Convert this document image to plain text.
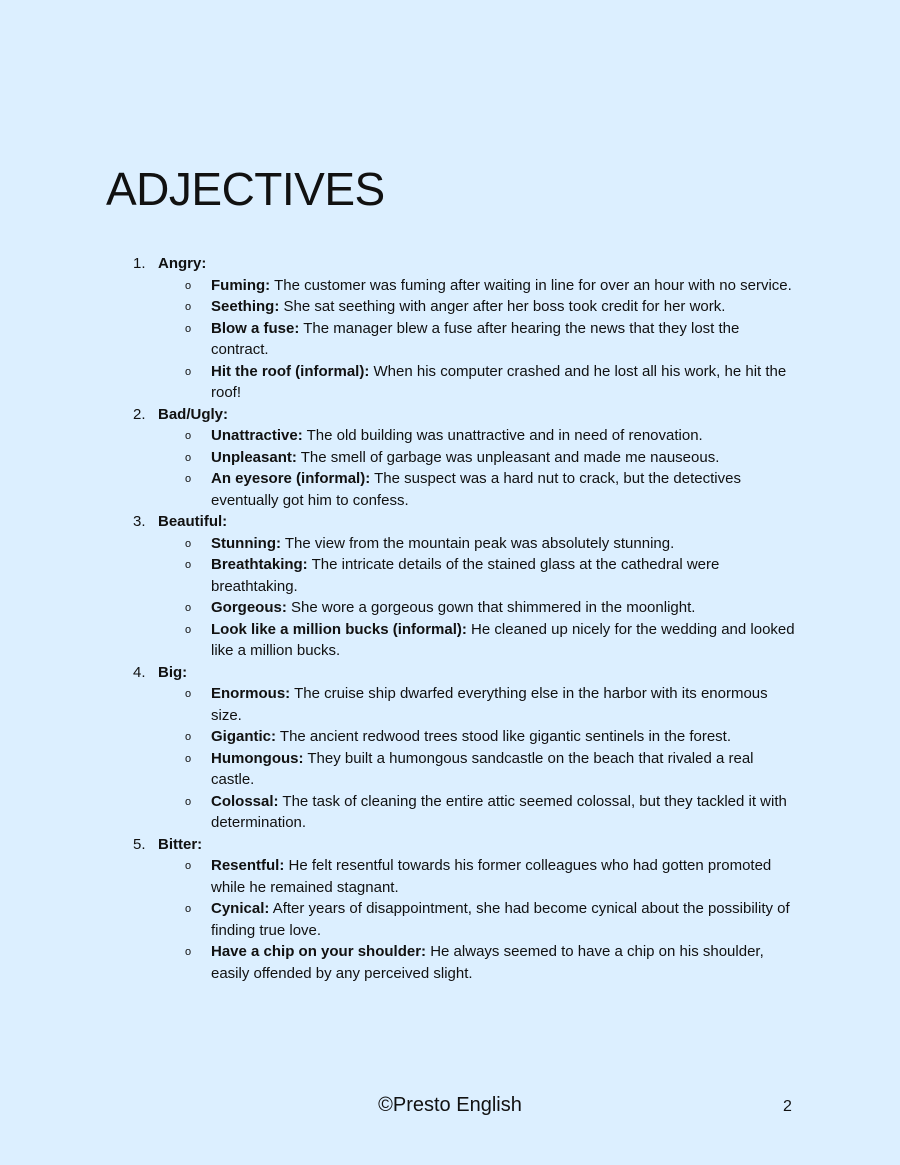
ADJECTIVES
1. Angry:
o Fuming: The customer was fuming after waiting in line for over an hour with no service.
o Seething: She sat seething with anger after her boss took credit for her work.
o Blow a fuse: The manager blew a fuse after hearing the news that they lost the contract.
o Hit the roof (informal): When his computer crashed and he lost all his work, he hit the roof!
2. Bad/Ugly:
o Unattractive: The old building was unattractive and in need of renovation.
o Unpleasant: The smell of garbage was unpleasant and made me nauseous.
o An eyesore (informal): The suspect was a hard nut to crack, but the detectives eventually got him to confess.
3. Beautiful:
o Stunning: The view from the mountain peak was absolutely stunning.
o Breathtaking: The intricate details of the stained glass at the cathedral were breathtaking.
o Gorgeous: She wore a gorgeous gown that shimmered in the moonlight.
o Look like a million bucks (informal): He cleaned up nicely for the wedding and looked like a million bucks.
4. Big:
o Enormous: The cruise ship dwarfed everything else in the harbor with its enormous size.
o Gigantic: The ancient redwood trees stood like gigantic sentinels in the forest.
o Humongous: They built a humongous sandcastle on the beach that rivaled a real castle.
o Colossal: The task of cleaning the entire attic seemed colossal, but they tackled it with determination.
5. Bitter:
o Resentful: He felt resentful towards his former colleagues who had gotten promoted while he remained stagnant.
o Cynical: After years of disappointment, she had become cynical about the possibility of finding true love.
o Have a chip on your shoulder: He always seemed to have a chip on his shoulder, easily offended by any perceived slight.
©Presto English	2
